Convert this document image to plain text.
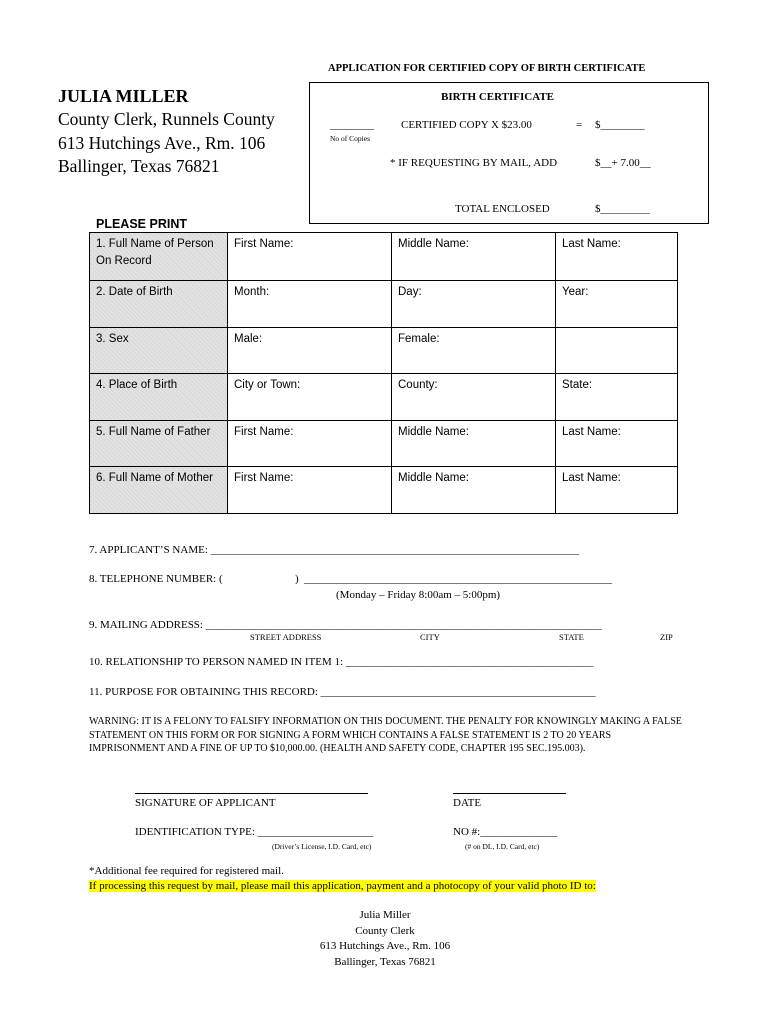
APPLICATION FOR CERTIFIED COPY OF BIRTH CERTIFICATE
JULIA MILLER
County Clerk, Runnels County
613 Hutchings Ave., Rm. 106
Ballinger, Texas 76821
BIRTH CERTIFICATE
________
No of Copies
CERTIFIED COPY X $23.00	= $________
* IF REQUESTING BY MAIL, ADD	$__+ 7.00__
TOTAL ENCLOSED	$_________
PLEASE PRINT
1. Full Name of Person On Record	First Name:	Middle Name:	Last Name:
2. Date of Birth	Month:	Day:	Year:
3. Sex	Male:	Female:	
4. Place of Birth	City or Town:	County:	State:
5. Full Name of Father	First Name:	Middle Name:	Last Name:
6. Full Name of Mother	First Name:	Middle Name:	Last Name:
7. APPLICANT’S NAME: ___________________________________________________________________
8. TELEPHONE NUMBER: (	) ________________________________________________________
(Monday – Friday 8:00am – 5:00pm)
9. MAILING ADDRESS: ________________________________________________________________________
STREET ADDRESS	CITY	STATE	ZIP
10. RELATIONSHIP TO PERSON NAMED IN ITEM 1: _____________________________________________
11. PURPOSE FOR OBTAINING THIS RECORD: __________________________________________________
WARNING: IT IS A FELONY TO FALSIFY INFORMATION ON THIS DOCUMENT. THE PENALTY FOR KNOWINGLY MAKING A FALSE STATEMENT ON THIS FORM OR FOR SIGNING A FORM WHICH CONTAINS A FALSE STATEMENT IS 2 TO 20 YEARS IMPRISONMENT AND A FINE OF UP TO $10,000.00. (HEALTH AND SAFETY CODE, CHAPTER 195 SEC.195.003).
SIGNATURE OF APPLICANT	DATE
IDENTIFICATION TYPE: _____________________
(Driver’s License, I.D. Card, etc)
NO #:______________
(# on DL, I.D. Card, etc)
*Additional fee required for registered mail.
If processing this request by mail, please mail this application, payment and a photocopy of your valid photo ID to:
Julia Miller
County Clerk
613 Hutchings Ave., Rm. 106
Ballinger, Texas 76821
